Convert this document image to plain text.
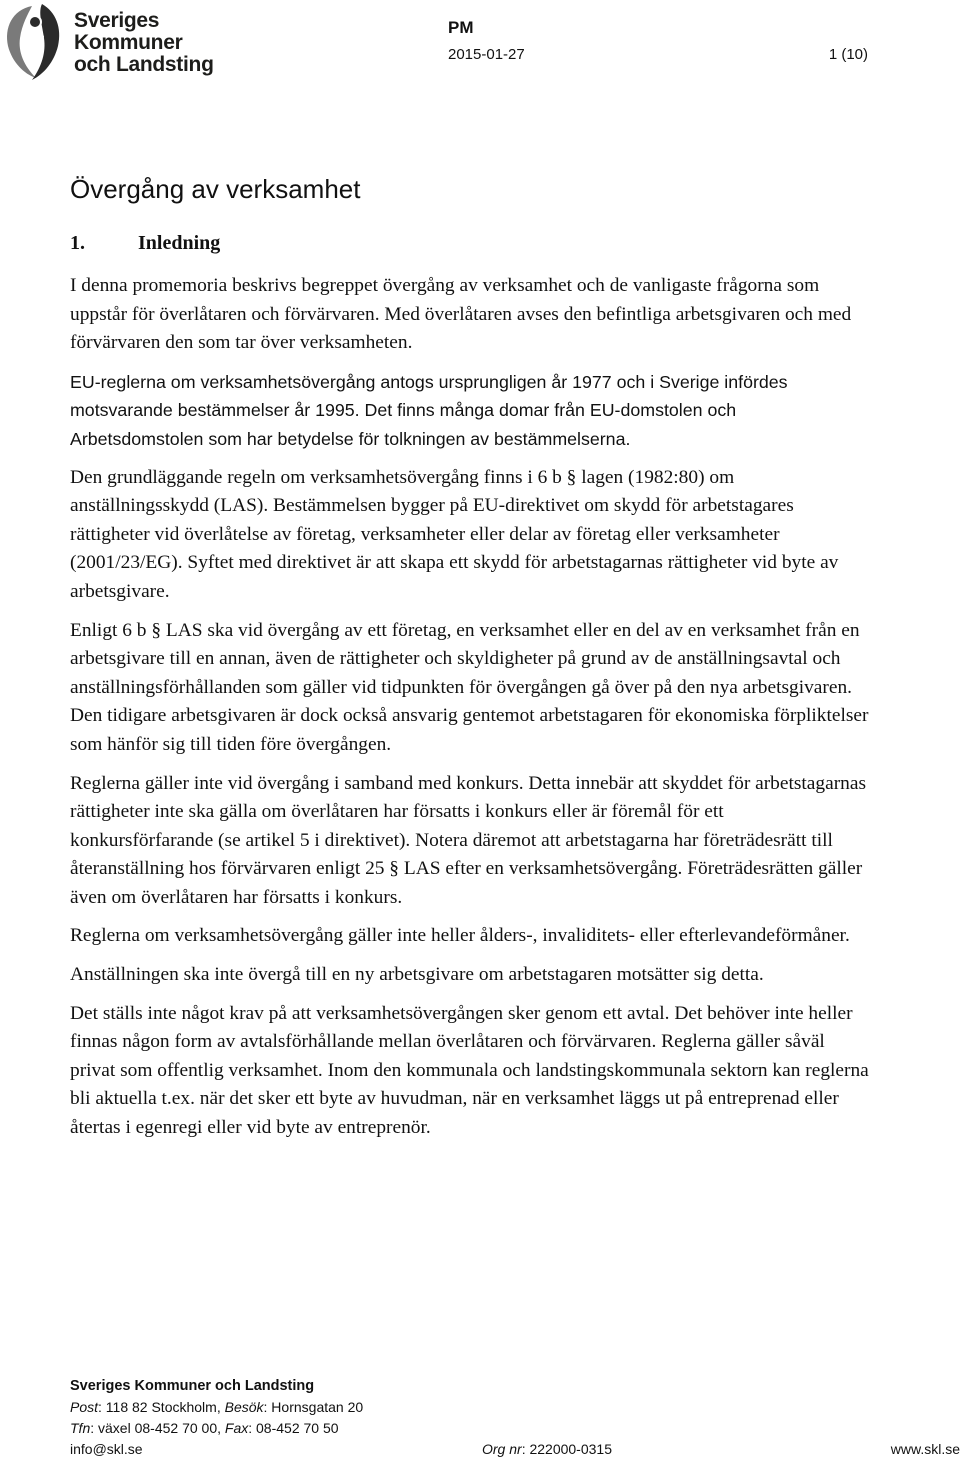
Sveriges
Kommuner
och Landsting
PM
2015-01-27	1 (10)
Övergång av verksamhet
1.	Inledning

I denna promemoria beskrivs begreppet övergång av verksamhet och de vanligaste frågorna som uppstår för överlåtaren och förvärvaren. Med överlåtaren avses den befintliga arbetsgivaren och med förvärvaren den som tar över verksamheten.

EU-reglerna om verksamhetsövergång antogs ursprungligen år 1977 och i Sverige infördes motsvarande bestämmelser år 1995. Det finns många domar från EU-domstolen och Arbetsdomstolen som har betydelse för tolkningen av bestämmelserna.

Den grundläggande regeln om verksamhetsövergång finns i 6 b § lagen (1982:80) om anställningsskydd (LAS). Bestämmelsen bygger på EU-direktivet om skydd för arbetstagares rättigheter vid överlåtelse av företag, verksamheter eller delar av företag eller verksamheter (2001/23/EG). Syftet med direktivet är att skapa ett skydd för arbetstagarnas rättigheter vid byte av arbetsgivare.

Enligt 6 b § LAS ska vid övergång av ett företag, en verksamhet eller en del av en verksamhet från en arbetsgivare till en annan, även de rättigheter och skyldigheter på grund av de anställningsavtal och anställningsförhållanden som gäller vid tidpunkten för övergången gå över på den nya arbetsgivaren. Den tidigare arbetsgivaren är dock också ansvarig gentemot arbetstagaren för ekonomiska förpliktelser som hänför sig till tiden före övergången.

Reglerna gäller inte vid övergång i samband med konkurs. Detta innebär att skyddet för arbetstagarnas rättigheter inte ska gälla om överlåtaren har försatts i konkurs eller är föremål för ett konkursförfarande (se artikel 5 i direktivet). Notera däremot att arbetstagarna har företrädesrätt till återanställning hos förvärvaren enligt 25 § LAS efter en verksamhetsövergång. Företrädesrätten gäller även om överlåtaren har försatts i konkurs.

Reglerna om verksamhetsövergång gäller inte heller ålders-, invaliditets- eller efterlevandeförmåner.

Anställningen ska inte övergå till en ny arbetsgivare om arbetstagaren motsätter sig detta.

Det ställs inte något krav på att verksamhetsövergången sker genom ett avtal. Det behöver inte heller finnas någon form av avtalsförhållande mellan överlåtaren och förvärvaren. Reglerna gäller såväl privat som offentlig verksamhet. Inom den kommunala och landstingskommunala sektorn kan reglerna bli aktuella t.ex. när det sker ett byte av huvudman, när en verksamhet läggs ut på entreprenad eller återtas i egenregi eller vid byte av entreprenör.

Sveriges Kommuner och Landsting
Post: 118 82 Stockholm, Besök: Hornsgatan 20
Tfn: växel 08-452 70 00, Fax: 08-452 70 50
info@skl.se	Org nr: 222000-0315	www.skl.se
